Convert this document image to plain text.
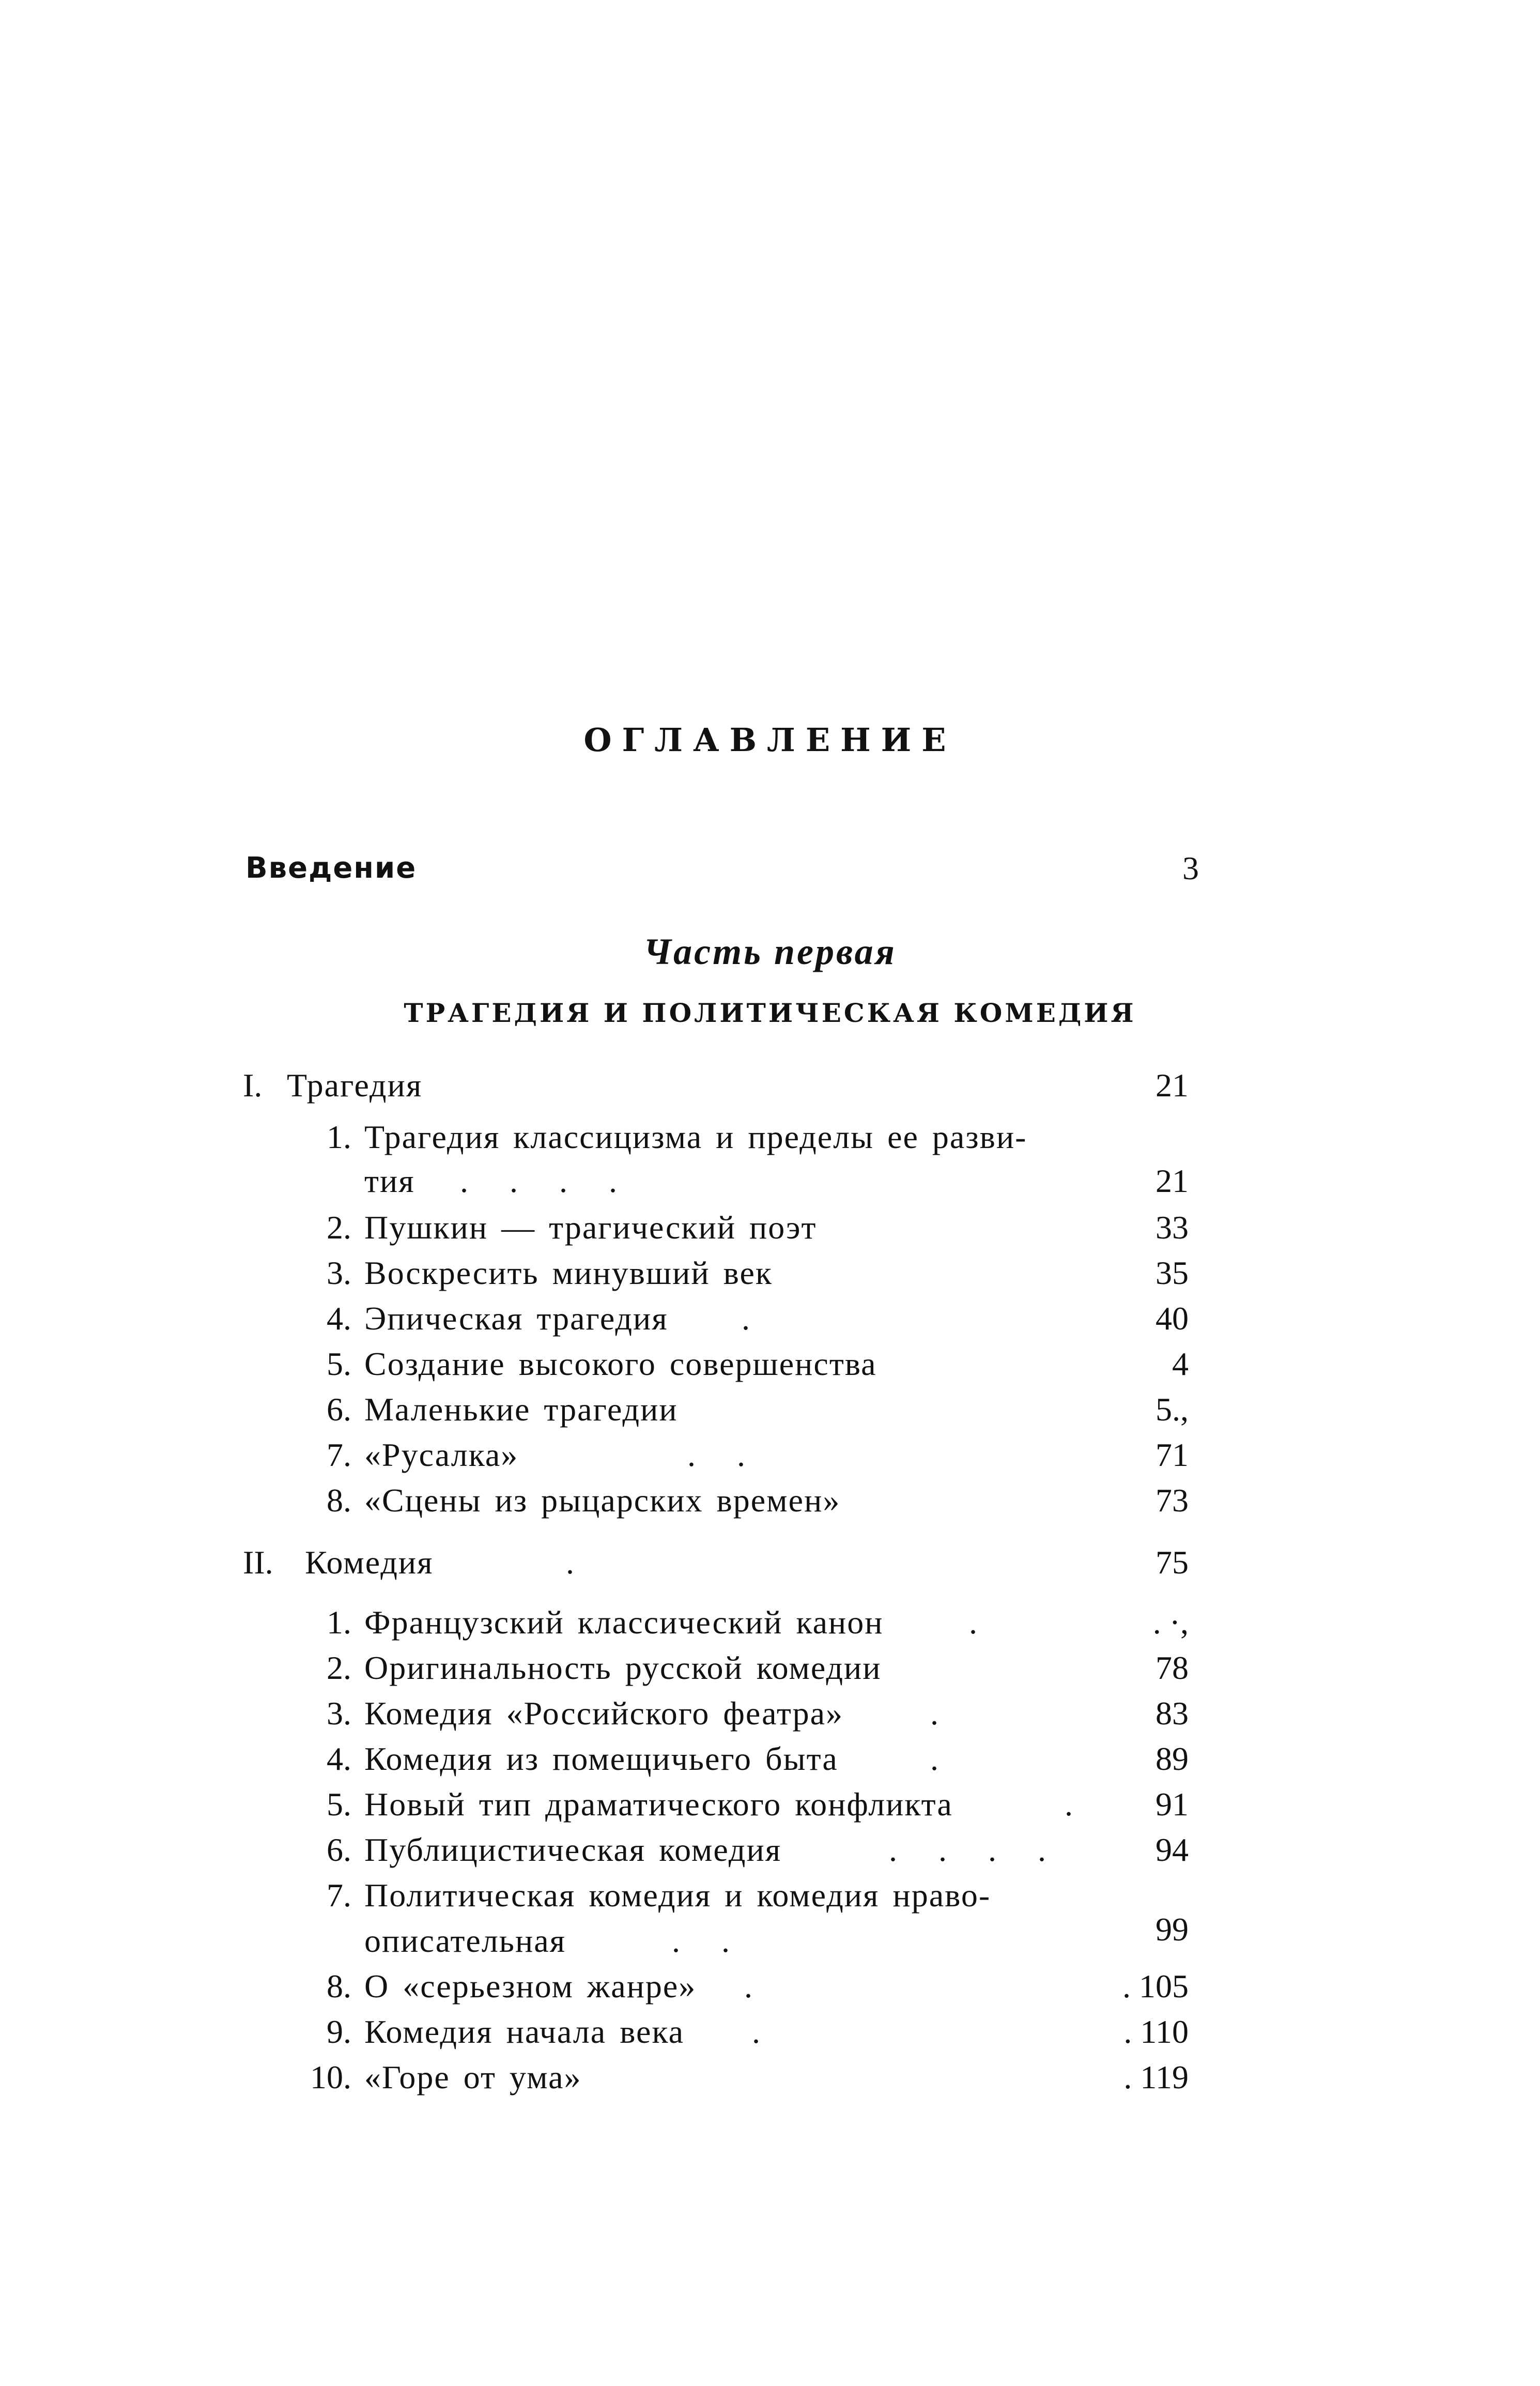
ОГЛАВЛЕНИЕ
Введение	3
Часть первая
ТРАГЕДИЯ И ПОЛИТИЧЕСКАЯ КОМЕДИЯ
I. Трагедия	21
1. Трагедия классицизма и пределы ее разви-
тия . . . .	21
2. Пушкин — трагический поэт	33
3. Воскресить минувший век	35
4. Эпическая трагедия .	40
5. Создание высокого совершенства	4
6. Маленькие трагедии	5.,
7. «Русалка»	. .	71
8. «Сцены из рыцарских времен»	73
II. Комедия	.	75
1. Французский классический канон	.	. ·,
2. Оригинальность русской комедии	78
3. Комедия «Российского феатра»	.	83
4. Комедия из помещичьего быта	.	89
5. Новый тип драматического конфликта	.	91
6. Публицистическая комедия	. . . .	94
7. Политическая комедия и комедия нраво-
описательная	. .	99
8. О «серьезном жанре» .	. 105
9. Комедия начала века .	. 110
10. «Горе от ума»	. 119
